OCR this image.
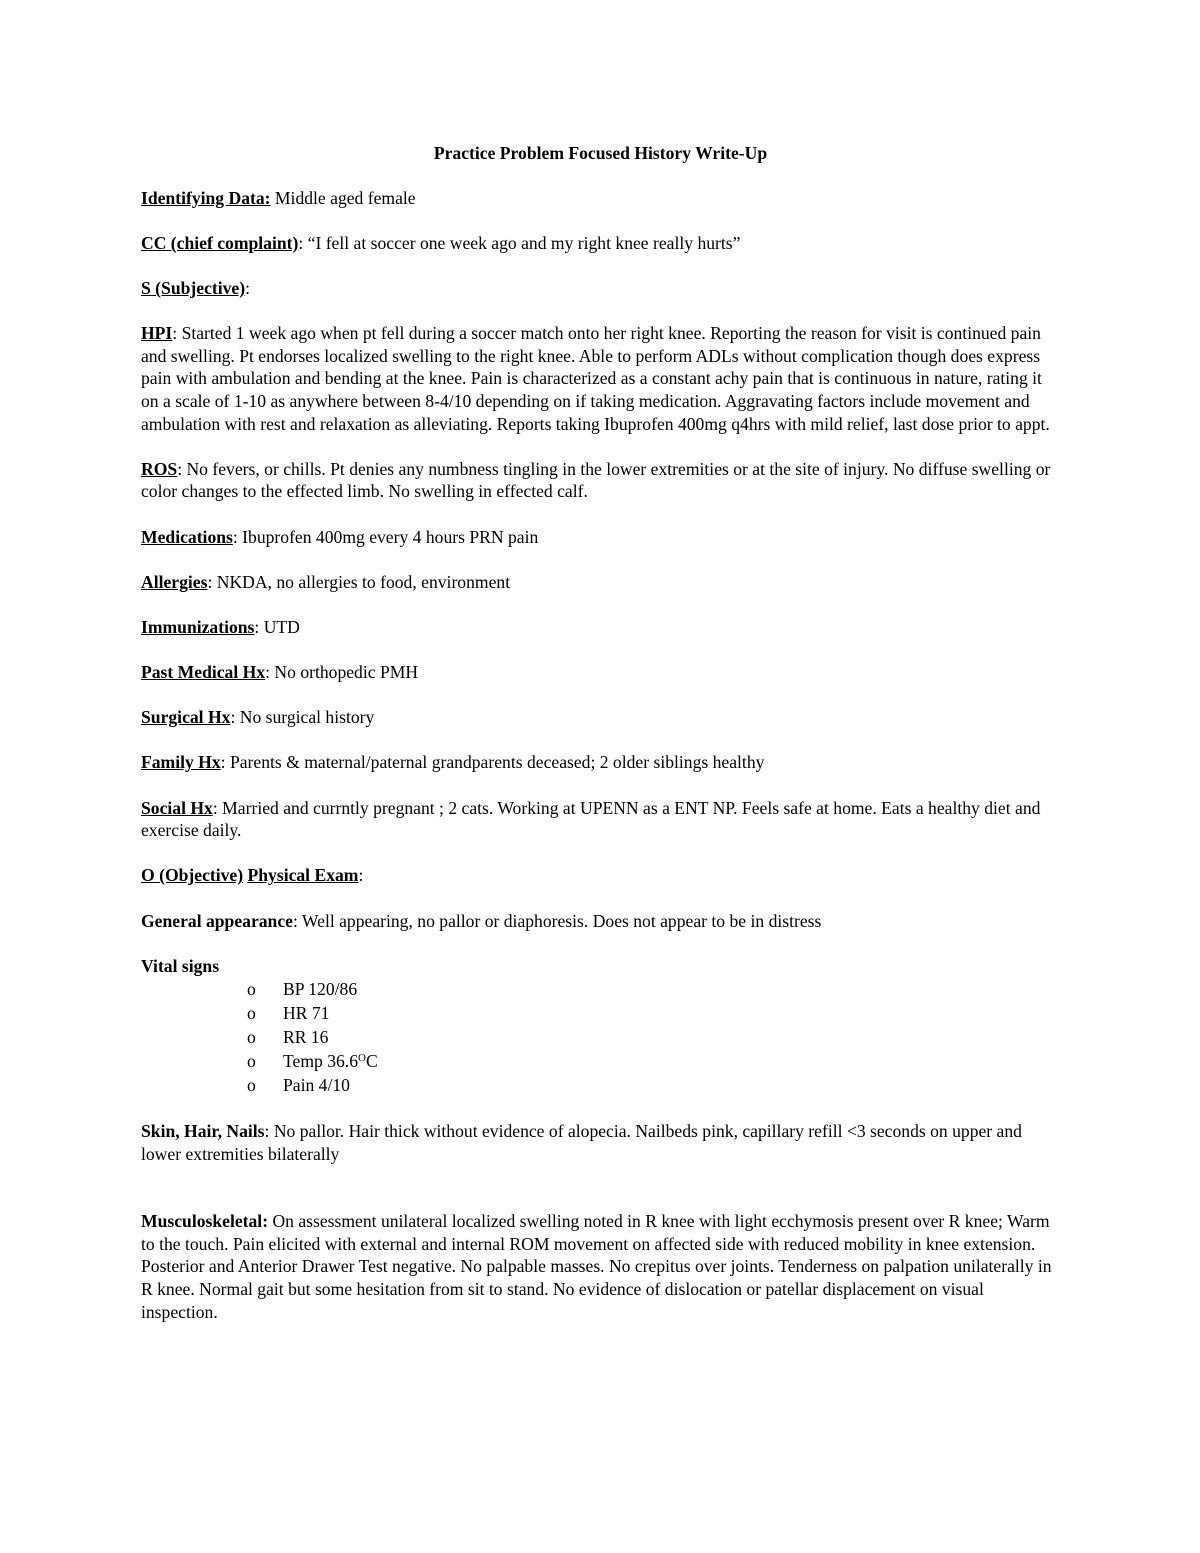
Practice Problem Focused History Write-Up

Identifying Data: Middle aged female

CC (chief complaint): “I fell at soccer one week ago and my right knee really hurts”

S (Subjective):

HPI: Started 1 week ago when pt fell during a soccer match onto her right knee. Reporting the reason for visit is continued pain and swelling. Pt endorses localized swelling to the right knee. Able to perform ADLs without complication though does express pain with ambulation and bending at the knee. Pain is characterized as a constant achy pain that is continuous in nature, rating it on a scale of 1-10 as anywhere between 8-4/10 depending on if taking medication. Aggravating factors include movement and ambulation with rest and relaxation as alleviating. Reports taking Ibuprofen 400mg q4hrs with mild relief, last dose prior to appt.

ROS: No fevers, or chills. Pt denies any numbness tingling in the lower extremities or at the site of injury. No diffuse swelling or color changes to the effected limb. No swelling in effected calf.

Medications: Ibuprofen 400mg every 4 hours PRN pain

Allergies: NKDA, no allergies to food, environment

Immunizations: UTD

Past Medical Hx: No orthopedic PMH

Surgical Hx: No surgical history

Family Hx: Parents & maternal/paternal grandparents deceased; 2 older siblings healthy

Social Hx: Married and currntly pregnant ; 2 cats. Working at UPENN as a ENT NP. Feels safe at home. Eats a healthy diet and exercise daily.

O (Objective) Physical Exam:

General appearance: Well appearing, no pallor or diaphoresis. Does not appear to be in distress

Vital signs

o BP 120/86
o HR 71
o RR 16
o Temp $36.6^OC$
o Pain 4/10

Skin, Hair, Nails: No pallor. Hair thick without evidence of alopecia. Nailbeds pink, capillary refill <3 seconds on upper and lower extremities bilaterally

Musculoskeletal: On assessment unilateral localized swelling noted in R knee with light ecchymosis present over R knee; Warm to the touch. Pain elicited with external and internal ROM movement on affected side with reduced mobility in knee extension. Posterior and Anterior Drawer Test negative. No palpable masses. No crepitus over joints. Tenderness on palpation unilaterally in R knee. Normal gait but some hesitation from sit to stand. No evidence of dislocation or patellar displacement on visual inspection.
